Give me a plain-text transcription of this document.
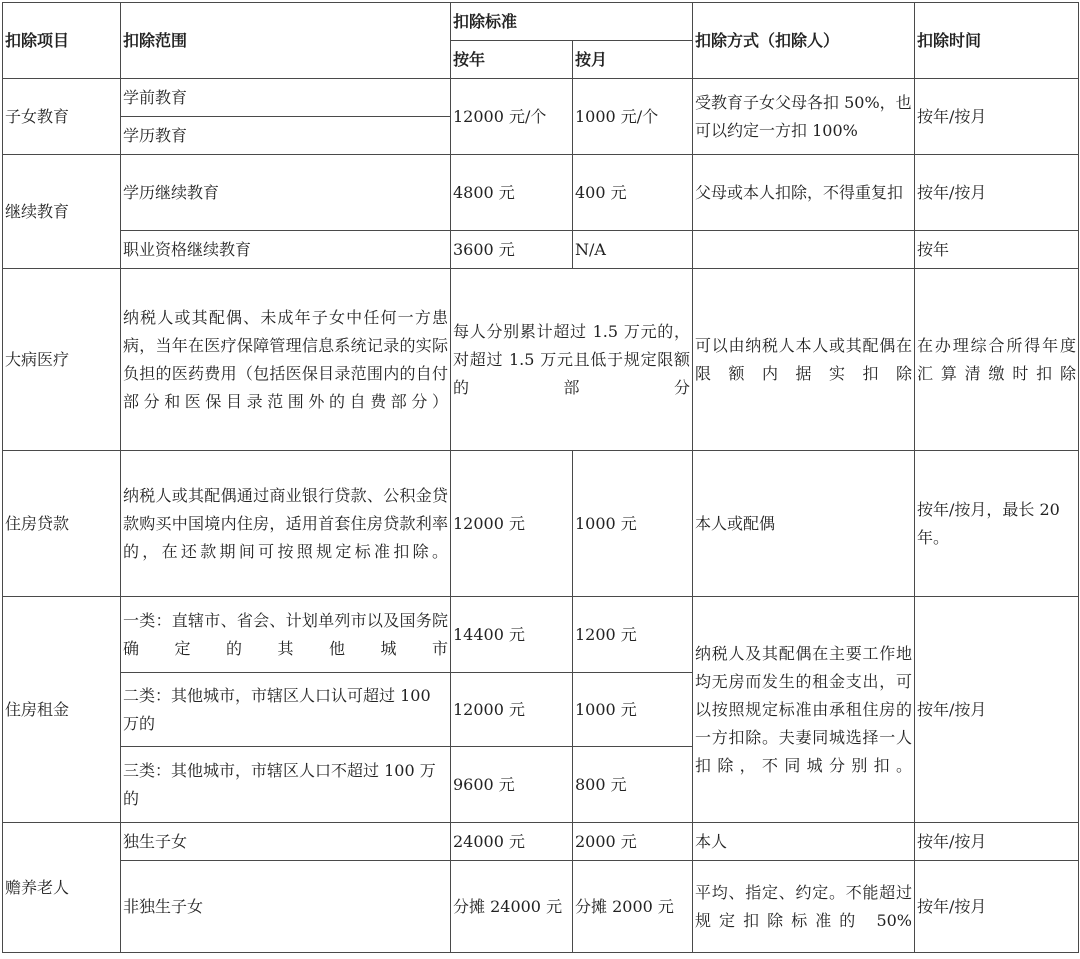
扣除项目	扣除范围	扣除标准		扣除方式（扣除人）	扣除时间
		按年	按月		
子女教育	学前教育	12000 元/个	1000 元/个	受教育子女父母各扣 50%，也可以约定一方扣 100%	按年/按月
	学历教育				
继续教育	学历继续教育	4800 元	400 元	父母或本人扣除，不得重复扣	按年/按月
	职业资格继续教育	3600 元	N/A		按年
大病医疗	纳税人或其配偶、未成年子女中任何一方患病，当年在医疗保障管理信息系统记录的实际负担的医药费用（包括医保目录范围内的自付部分和医保目录范围外的自费部分）	每人分别累计超过 1.5 万元的，对超过 1.5 万元且低于规定限额的部分		可以由纳税人本人或其配偶在限额内据实扣除	在办理综合所得年度汇算清缴时扣除
住房贷款	纳税人或其配偶通过商业银行贷款、公积金贷款购买中国境内住房，适用首套住房贷款利率的，在还款期间可按照规定标准扣除。	12000 元	1000 元	本人或配偶	按年/按月，最长 20 年。
住房租金	一类：直辖市、省会、计划单列市以及国务院确定的其他城市	14400 元	1200 元	纳税人及其配偶在主要工作地均无房而发生的租金支出，可以按照规定标准由承租住房的一方扣除。夫妻同城选择一人扣除，不同城分别扣。	按年/按月
	二类：其他城市，市辖区人口认可超过 100 万的	12000 元	1000 元		
	三类：其他城市，市辖区人口不超过 100 万的	9600 元	800 元		
赡养老人	独生子女	24000 元	2000 元	本人	按年/按月
	非独生子女	分摊 24000 元	分摊 2000 元	平均、指定、约定。不能超过规定扣除标准的 50%	按年/按月
